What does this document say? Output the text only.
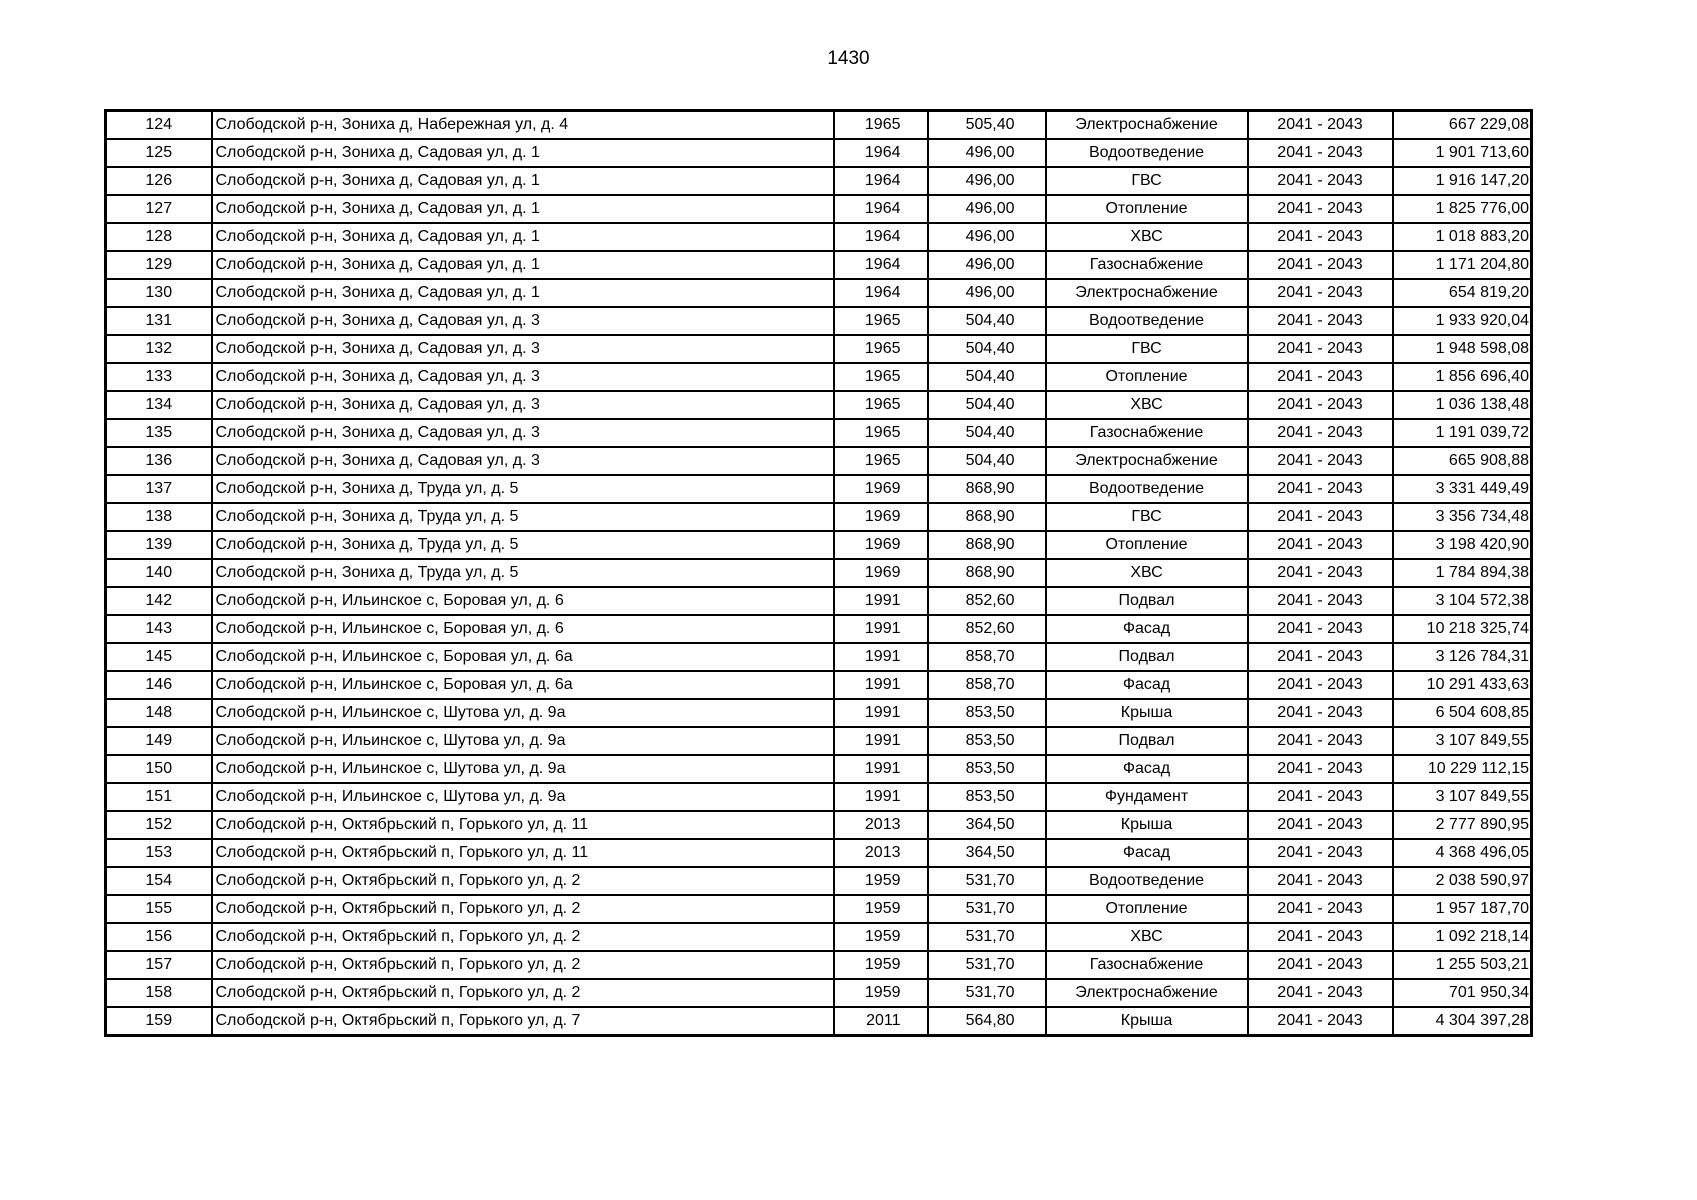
1430
124	Слободской р-н, Зониха д, Набережная ул, д. 4	1965	505,40	Электроснабжение	2041 - 2043	667 229,08
125	Слободской р-н, Зониха д, Садовая ул, д. 1	1964	496,00	Водоотведение	2041 - 2043	1 901 713,60
126	Слободской р-н, Зониха д, Садовая ул, д. 1	1964	496,00	ГВС	2041 - 2043	1 916 147,20
127	Слободской р-н, Зониха д, Садовая ул, д. 1	1964	496,00	Отопление	2041 - 2043	1 825 776,00
128	Слободской р-н, Зониха д, Садовая ул, д. 1	1964	496,00	ХВС	2041 - 2043	1 018 883,20
129	Слободской р-н, Зониха д, Садовая ул, д. 1	1964	496,00	Газоснабжение	2041 - 2043	1 171 204,80
130	Слободской р-н, Зониха д, Садовая ул, д. 1	1964	496,00	Электроснабжение	2041 - 2043	654 819,20
131	Слободской р-н, Зониха д, Садовая ул, д. 3	1965	504,40	Водоотведение	2041 - 2043	1 933 920,04
132	Слободской р-н, Зониха д, Садовая ул, д. 3	1965	504,40	ГВС	2041 - 2043	1 948 598,08
133	Слободской р-н, Зониха д, Садовая ул, д. 3	1965	504,40	Отопление	2041 - 2043	1 856 696,40
134	Слободской р-н, Зониха д, Садовая ул, д. 3	1965	504,40	ХВС	2041 - 2043	1 036 138,48
135	Слободской р-н, Зониха д, Садовая ул, д. 3	1965	504,40	Газоснабжение	2041 - 2043	1 191 039,72
136	Слободской р-н, Зониха д, Садовая ул, д. 3	1965	504,40	Электроснабжение	2041 - 2043	665 908,88
137	Слободской р-н, Зониха д, Труда ул, д. 5	1969	868,90	Водоотведение	2041 - 2043	3 331 449,49
138	Слободской р-н, Зониха д, Труда ул, д. 5	1969	868,90	ГВС	2041 - 2043	3 356 734,48
139	Слободской р-н, Зониха д, Труда ул, д. 5	1969	868,90	Отопление	2041 - 2043	3 198 420,90
140	Слободской р-н, Зониха д, Труда ул, д. 5	1969	868,90	ХВС	2041 - 2043	1 784 894,38
142	Слободской р-н, Ильинское с, Боровая ул, д. 6	1991	852,60	Подвал	2041 - 2043	3 104 572,38
143	Слободской р-н, Ильинское с, Боровая ул, д. 6	1991	852,60	Фасад	2041 - 2043	10 218 325,74
145	Слободской р-н, Ильинское с, Боровая ул, д. 6а	1991	858,70	Подвал	2041 - 2043	3 126 784,31
146	Слободской р-н, Ильинское с, Боровая ул, д. 6а	1991	858,70	Фасад	2041 - 2043	10 291 433,63
148	Слободской р-н, Ильинское с, Шутова ул, д. 9а	1991	853,50	Крыша	2041 - 2043	6 504 608,85
149	Слободской р-н, Ильинское с, Шутова ул, д. 9а	1991	853,50	Подвал	2041 - 2043	3 107 849,55
150	Слободской р-н, Ильинское с, Шутова ул, д. 9а	1991	853,50	Фасад	2041 - 2043	10 229 112,15
151	Слободской р-н, Ильинское с, Шутова ул, д. 9а	1991	853,50	Фундамент	2041 - 2043	3 107 849,55
152	Слободской р-н, Октябрьский п, Горького ул, д. 11	2013	364,50	Крыша	2041 - 2043	2 777 890,95
153	Слободской р-н, Октябрьский п, Горького ул, д. 11	2013	364,50	Фасад	2041 - 2043	4 368 496,05
154	Слободской р-н, Октябрьский п, Горького ул, д. 2	1959	531,70	Водоотведение	2041 - 2043	2 038 590,97
155	Слободской р-н, Октябрьский п, Горького ул, д. 2	1959	531,70	Отопление	2041 - 2043	1 957 187,70
156	Слободской р-н, Октябрьский п, Горького ул, д. 2	1959	531,70	ХВС	2041 - 2043	1 092 218,14
157	Слободской р-н, Октябрьский п, Горького ул, д. 2	1959	531,70	Газоснабжение	2041 - 2043	1 255 503,21
158	Слободской р-н, Октябрьский п, Горького ул, д. 2	1959	531,70	Электроснабжение	2041 - 2043	701 950,34
159	Слободской р-н, Октябрьский п, Горького ул, д. 7	2011	564,80	Крыша	2041 - 2043	4 304 397,28
